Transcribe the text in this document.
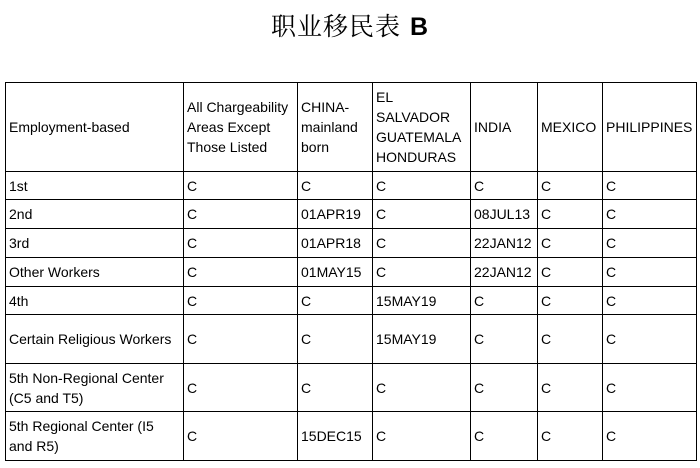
职业移民表 B
Employment-based	All Chargeability Areas Except Those Listed	CHINA-mainland born	EL SALVADOR GUATEMALA HONDURAS	INDIA	MEXICO	PHILIPPINES
1st	C	C	C	C	C	C
2nd	C	01APR19	C	08JUL13	C	C
3rd	C	01APR18	C	22JAN12	C	C
Other Workers	C	01MAY15	C	22JAN12	C	C
4th	C	C	15MAY19	C	C	C
Certain Religious Workers	C	C	15MAY19	C	C	C
5th Non-Regional Center (C5 and T5)	C	C	C	C	C	C
5th Regional Center (I5 and R5)	C	15DEC15	C	C	C	C
